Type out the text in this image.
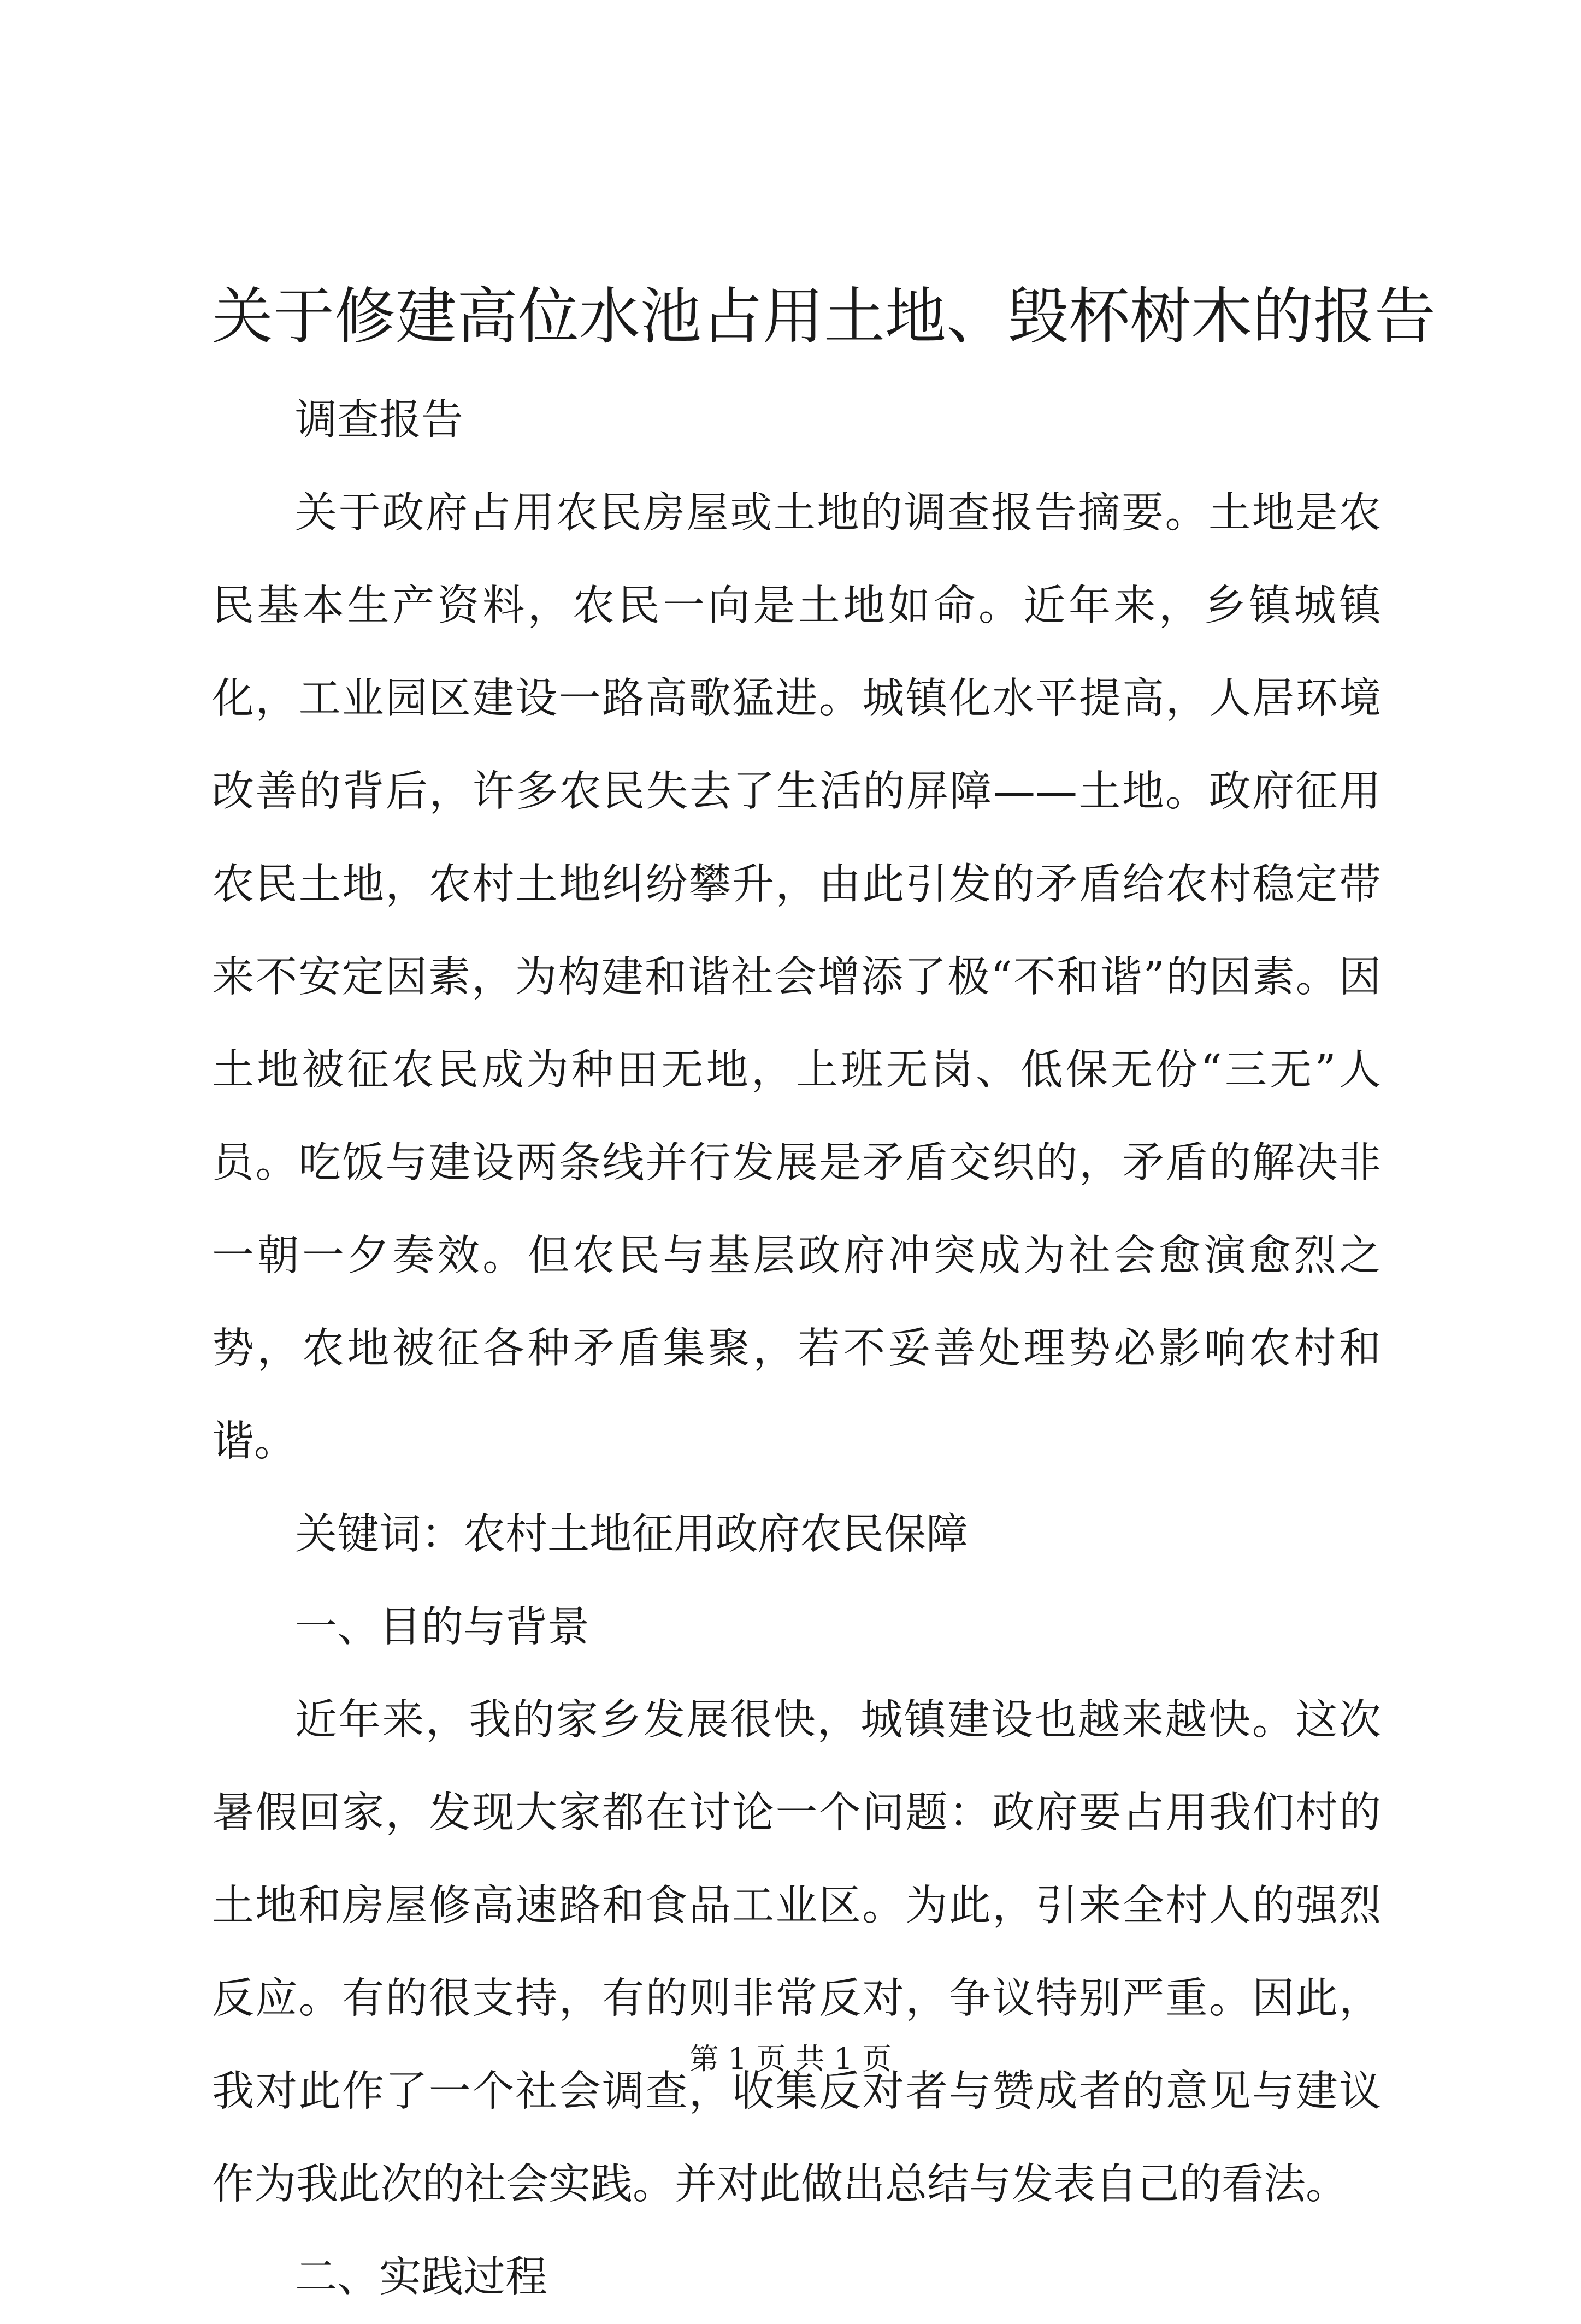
关于修建高位水池占用土地、毁杯树木的报告

调查报告

关于政府占用农民房屋或土地的调查报告摘要。土地是农民基本生产资料，农民一向是土地如命。近年来，乡镇城镇化，工业园区建设一路高歌猛进。城镇化水平提高，人居环境改善的背后，许多农民失去了生活的屏障——土地。政府征用农民土地，农村土地纠纷攀升，由此引发的矛盾给农村稳定带来不安定因素，为构建和谐社会增添了极“不和谐”的因素。因土地被征农民成为种田无地，上班无岗、低保无份“三无”人员。吃饭与建设两条线并行发展是矛盾交织的，矛盾的解决非一朝一夕奏效。但农民与基层政府冲突成为社会愈演愈烈之势，农地被征各种矛盾集聚，若不妥善处理势必影响农村和谐。

关键词：农村土地征用政府农民保障

一、目的与背景

近年来，我的家乡发展很快，城镇建设也越来越快。这次暑假回家，发现大家都在讨论一个问题：政府要占用我们村的土地和房屋修高速路和食品工业区。为此，引来全村人的强烈反应。有的很支持，有的则非常反对，争议特别严重。因此，我对此作了一个社会调查，收集反对者与赞成者的意见与建议作为我此次的社会实践。并对此做出总结与发表自己的看法。

二、实践过程

第 1 页 共 1 页
